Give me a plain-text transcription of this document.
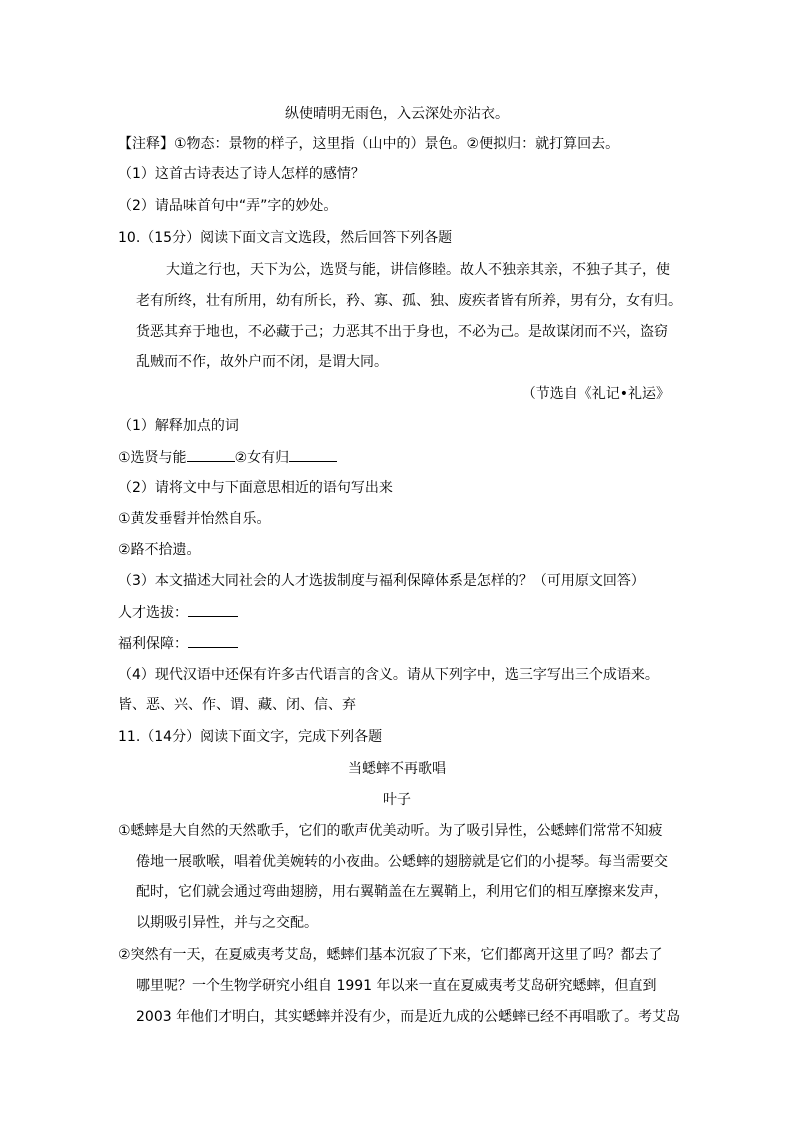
纵使晴明无雨色，入云深处亦沾衣。
【注释】①物态：景物的样子，这里指（山中的）景色。②便拟归：就打算回去。
（1）这首古诗表达了诗人怎样的感情？
（2）请品味首句中“弄”字的妙处。
10.（15分）阅读下面文言文选段，然后回答下列各题
大道之行也，天下为公，选贤与能，讲信修睦。故人不独亲其亲，不独子其子，使
老有所终，壮有所用，幼有所长，矜、寡、孤、独、废疾者皆有所养，男有分，女有归。
货恶其弃于地也，不必藏于己；力恶其不出于身也，不必为己。是故谋闭而不兴，盗窃
乱贼而不作，故外户而不闭，是谓大同。
（节选自《礼记•礼运》
（1）解释加点的词
①选贤与能	②女有归
（2）请将文中与下面意思相近的语句写出来
①黄发垂髫并怡然自乐。
②路不拾遗。
（3）本文描述大同社会的人才选拔制度与福利保障体系是怎样的？（可用原文回答）
人才选拔：
福利保障：
（4）现代汉语中还保有许多古代语言的含义。请从下列字中，选三字写出三个成语来。
皆、恶、兴、作、谓、藏、闭、信、弃
11.（14分）阅读下面文字，完成下列各题
当蟋蟀不再歌唱
叶子
①蟋蟀是大自然的天然歌手，它们的歌声优美动听。为了吸引异性，公蟋蟀们常常不知疲
倦地一展歌喉，唱着优美婉转的小夜曲。公蟋蟀的翅膀就是它们的小提琴。每当需要交
配时，它们就会通过弯曲翅膀，用右翼鞘盖在左翼鞘上，利用它们的相互摩擦来发声，
以期吸引异性，并与之交配。
②突然有一天，在夏威夷考艾岛，蟋蟀们基本沉寂了下来，它们都离开这里了吗？都去了
哪里呢？一个生物学研究小组自 1991 年以来一直在夏威夷考艾岛研究蟋蟀，但直到
2003 年他们才明白，其实蟋蟀并没有少，而是近九成的公蟋蟀已经不再唱歌了。考艾岛
